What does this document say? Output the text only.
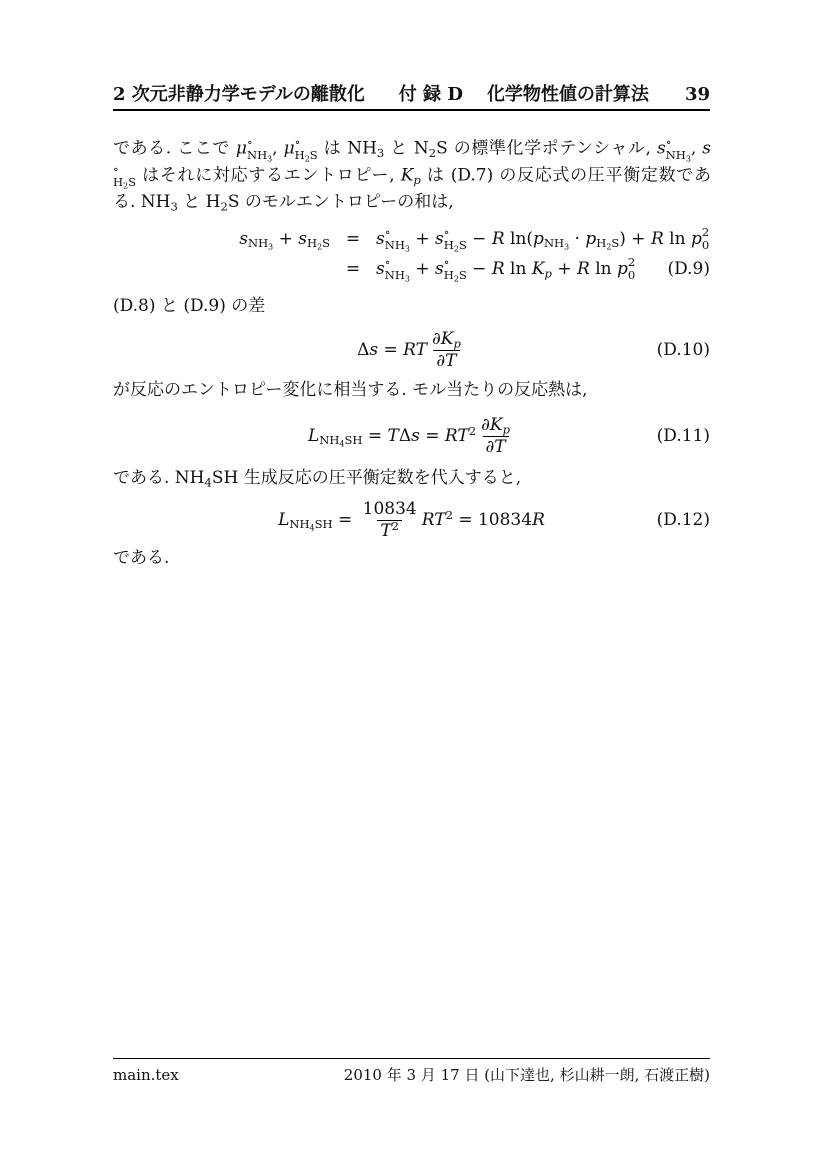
2 次元非静力学モデルの離散化 付 録 D 化学物性値の計算法 39
である. ここで μ ∘
$NH_3$
, μ ∘
$H_2S$ は $NH_3$ と $N_2S$ の標準化学ポテンシャル, s ∘
$NH_3$
, s
∘
$H_2S$ はそれに対応するエントロピー, $K_p$ は (D.7) の反応式の圧平衡定数である. $NH_3$ と $H_2S$ のモルエントロピーの和は,
$s_{NH_3} + s_{H_2S} = s$ ∘
$NH_3$
+ s ∘
$H_2S - R$ $\ln(p_{NH_3} \cdot p_{H_2S}) + R$ ln p 2
0
= s ∘
$NH_3$
+ s ∘
$H_2S - R$ $\ln K_p + R$ ln p 2
0 (D.9)
(D.8) と (D.9) の差
Δs = RT $\frac{\partial K_p}{\partial T}$	(D.10)
が反応のエントロピー変化に相当する. モル当たりの反応熱は,
$L_{NH_4SH} = T\Delta s = RT^2 \frac{\partial K_p}{\partial T}$	(D.11)
である. $NH_4SH$ 生成反応の圧平衡定数を代入すると,
$L_{NH_4SH} = \frac{10834}{T^2} RT^2 = 10834R$	(D.12)
である.
main.tex	2010 年 3 月 17 日 (山下達也, 杉山耕一朗, 石渡正樹)
